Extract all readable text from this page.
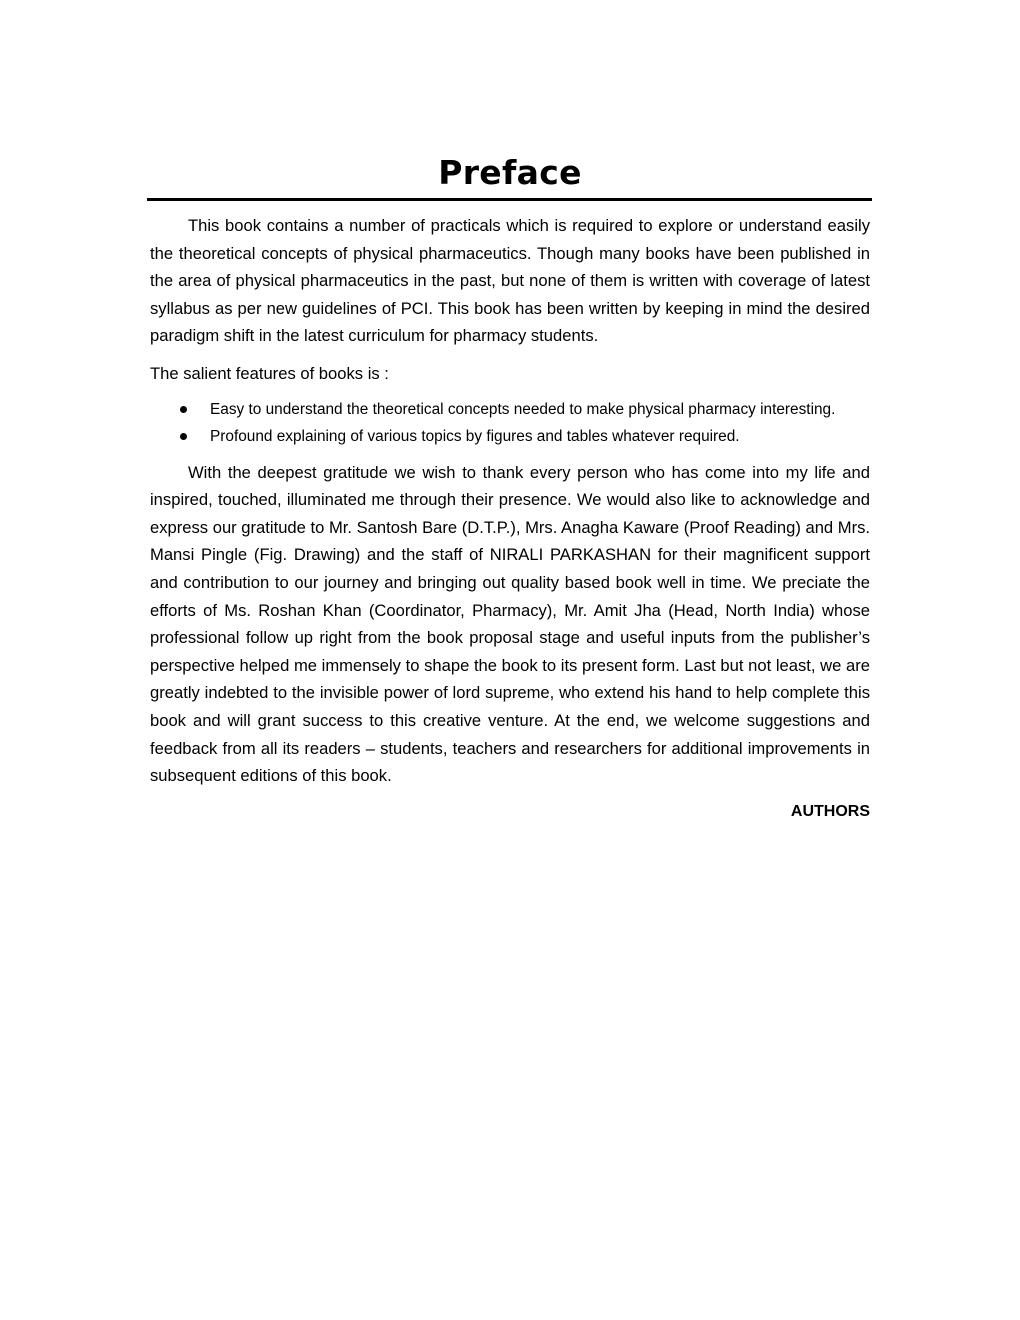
Preface

This book contains a number of practicals which is required to explore or understand easily the theoretical concepts of physical pharmaceutics. Though many books have been published in the area of physical pharmaceutics in the past, but none of them is written with coverage of latest syllabus as per new guidelines of PCI. This book has been written by keeping in mind the desired paradigm shift in the latest curriculum for pharmacy students.

The salient features of books is :

Easy to understand the theoretical concepts needed to make physical pharmacy interesting.
Profound explaining of various topics by figures and tables whatever required.

With the deepest gratitude we wish to thank every person who has come into my life and inspired, touched, illuminated me through their presence. We would also like to acknowledge and express our gratitude to Mr. Santosh Bare (D.T.P.), Mrs. Anagha Kaware (Proof Reading) and Mrs. Mansi Pingle (Fig. Drawing) and the staff of NIRALI PARKASHAN for their magnificent support and contribution to our journey and bringing out quality based book well in time. We preciate the efforts of Ms. Roshan Khan (Coordinator, Pharmacy), Mr. Amit Jha (Head, North India) whose professional follow up right from the book proposal stage and useful inputs from the publisher’s perspective helped me immensely to shape the book to its present form. Last but not least, we are greatly indebted to the invisible power of lord supreme, who extend his hand to help complete this book and will grant success to this creative venture. At the end, we welcome suggestions and feedback from all its readers – students, teachers and researchers for additional improvements in subsequent editions of this book.

AUTHORS
